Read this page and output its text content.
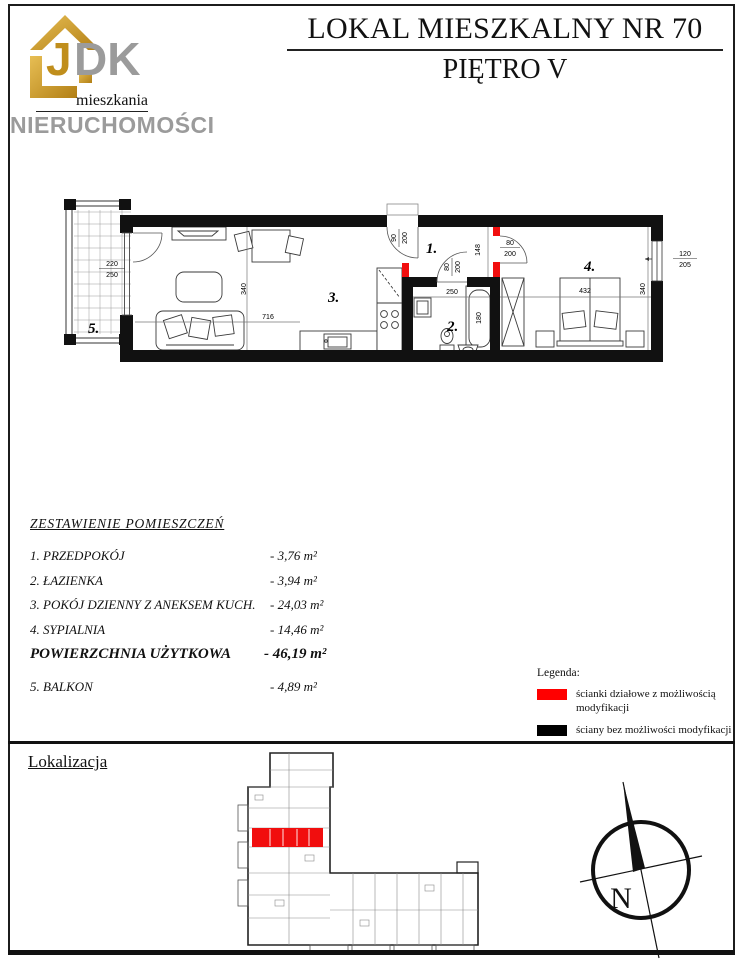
J DK
mieszkania
NIERUCHOMOŚCI
LOKAL MIESZKALNY NR 70
PIĘTRO V
340
716
90 200
148
80 200
80
200
250
180
432	340
220
250
120
205
1.
2.
3.
4.
5.
ZESTAWIENIE POMIESZCZEŃ
1. PRZEDPOKÓJ	- 3,76 m²
2. ŁAZIENKA	- 3,94 m²
3. POKÓJ DZIENNY Z ANEKSEM KUCH. - 24,03 m²
4. SYPIALNIA	- 14,46 m²
POWIERZCHNIA UŻYTKOWA - 46,19 m²
5. BALKON	- 4,89 m²
Legenda:
ścianki działowe z możliwością modyfikacji
ściany bez możliwości modyfikacji
Lokalizacja
N
